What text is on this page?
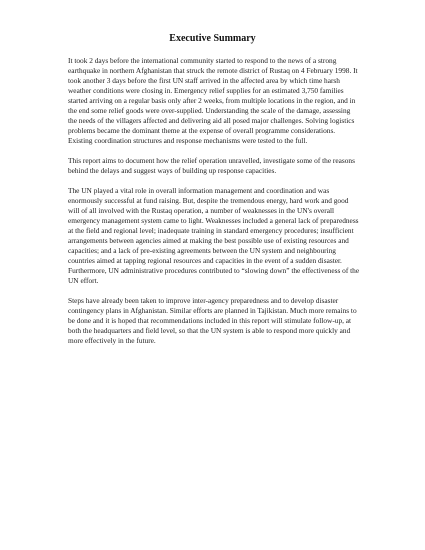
Executive Summary

It took 2 days before the international community started to respond to the news of a strong earthquake in northern Afghanistan that struck the remote district of Rustaq on 4 February 1998. It took another 3 days before the first UN staff arrived in the affected area by which time harsh weather conditions were closing in. Emergency relief supplies for an estimated 3,750 families started arriving on a regular basis only after 2 weeks, from multiple locations in the region, and in the end some relief goods were over-supplied. Understanding the scale of the damage, assessing the needs of the villagers affected and delivering aid all posed major challenges. Solving logistics problems became the dominant theme at the expense of overall programme considerations. Existing coordination structures and response mechanisms were tested to the full.

This report aims to document how the relief operation unravelled, investigate some of the reasons behind the delays and suggest ways of building up response capacities.

The UN played a vital role in overall information management and coordination and was enormously successful at fund raising. But, despite the tremendous energy, hard work and good will of all involved with the Rustaq operation, a number of weaknesses in the UN's overall emergency management system came to light. Weaknesses included a general lack of preparedness at the field and regional level; inadequate training in standard emergency procedures; insufficient arrangements between agencies aimed at making the best possible use of existing resources and capacities; and a lack of pre-existing agreements between the UN system and neighbouring countries aimed at tapping regional resources and capacities in the event of a sudden disaster. Furthermore, UN administrative procedures contributed to “slowing down” the effectiveness of the UN effort.

Steps have already been taken to improve inter-agency preparedness and to develop disaster contingency plans in Afghanistan. Similar efforts are planned in Tajikistan. Much more remains to be done and it is hoped that recommendations included in this report will stimulate follow-up, at both the headquarters and field level, so that the UN system is able to respond more quickly and more effectively in the future.
